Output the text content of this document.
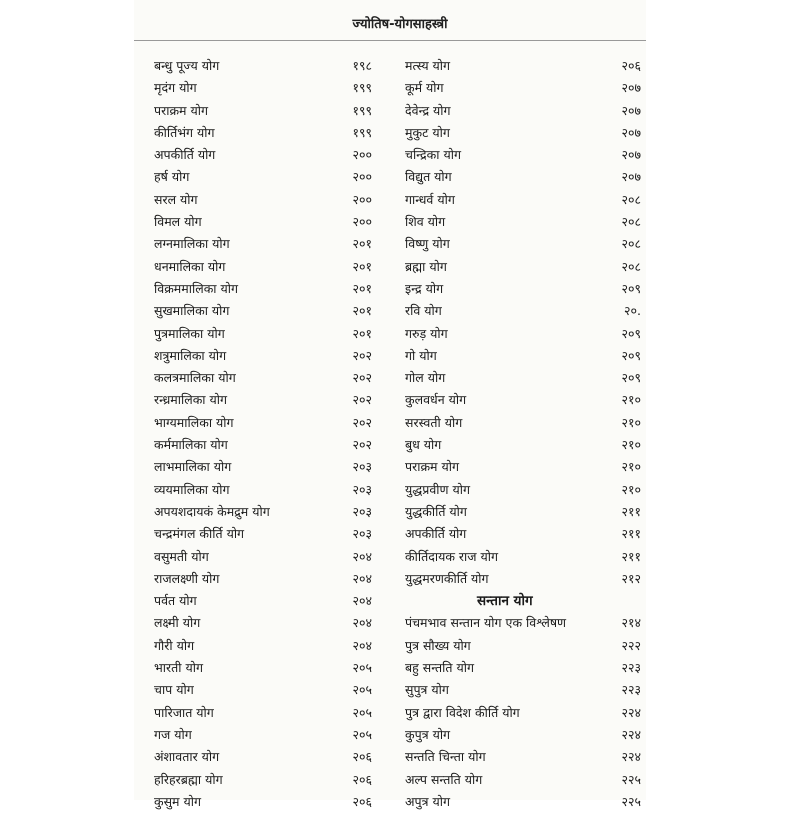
ज्योतिष-योगसाहस्त्री
बन्धु पूज्य योग	१९८
मृदंग योग	१९९
पराक्रम योग	१९९
कीर्तिभंग योग	१९९
अपकीर्ति योग	२००
हर्ष योग	२००
सरल योग	२००
विमल योग	२००
लग्नमालिका योग	२०१
धनमालिका योग	२०१
विक्रममालिका योग	२०१
सुखमालिका योग	२०१
पुत्रमालिका योग	२०१
शत्रुमालिका योग	२०२
कलत्रमालिका योग	२०२
रन्ध्रमालिका योग	२०२
भाग्यमालिका योग	२०२
कर्ममालिका योग	२०२
लाभमालिका योग	२०३
व्ययमालिका योग	२०३
अपयशदायकं केमद्रुम योग	२०३
चन्द्रमंगल कीर्ति योग	२०३
वसुमती योग	२०४
राजलक्ष्णी योग	२०४
पर्वत योग	२०४
लक्ष्मी योग	२०४
गौरी योग	२०४
भारती योग	२०५
चाप योग	२०५
पारिजात योग	२०५
गज योग	२०५
अंशावतार योग	२०६
हरिहरब्रह्मा योग	२०६
कुसुम योग	२०६
मत्स्य योग	२०६
कूर्म योग	२०७
देवेन्द्र योग	२०७
मुकुट योग	२०७
चन्द्रिका योग	२०७
विद्युत योग	२०७
गान्धर्व योग	२०८
शिव योग	२०८
विष्णु योग	२०८
ब्रह्मा योग	२०८
इन्द्र योग	२०९
रवि योग	२०.
गरुड़ योग	२०९
गो योग	२०९
गोल योग	२०९
कुलवर्धन योग	२१०
सरस्वती योग	२१०
बुध योग	२१०
पराक्रम योग	२१०
युद्धप्रवीण योग	२१०
युद्धकीर्ति योग	२११
अपकीर्ति योग	२११
कीर्तिदायक राज योग	२११
युद्धमरणकीर्ति योग	२१२
सन्तान योग
पंचमभाव सन्तान योग एक विश्लेषण	२१४
पुत्र सौख्य योग	२२२
बहु सन्तति योग	२२३
सुपुत्र योग	२२३
पुत्र द्वारा विदेश कीर्ति योग	२२४
कुपुत्र योग	२२४
सन्तति चिन्ता योग	२२४
अल्प सन्तति योग	२२५
अपुत्र योग	२२५
